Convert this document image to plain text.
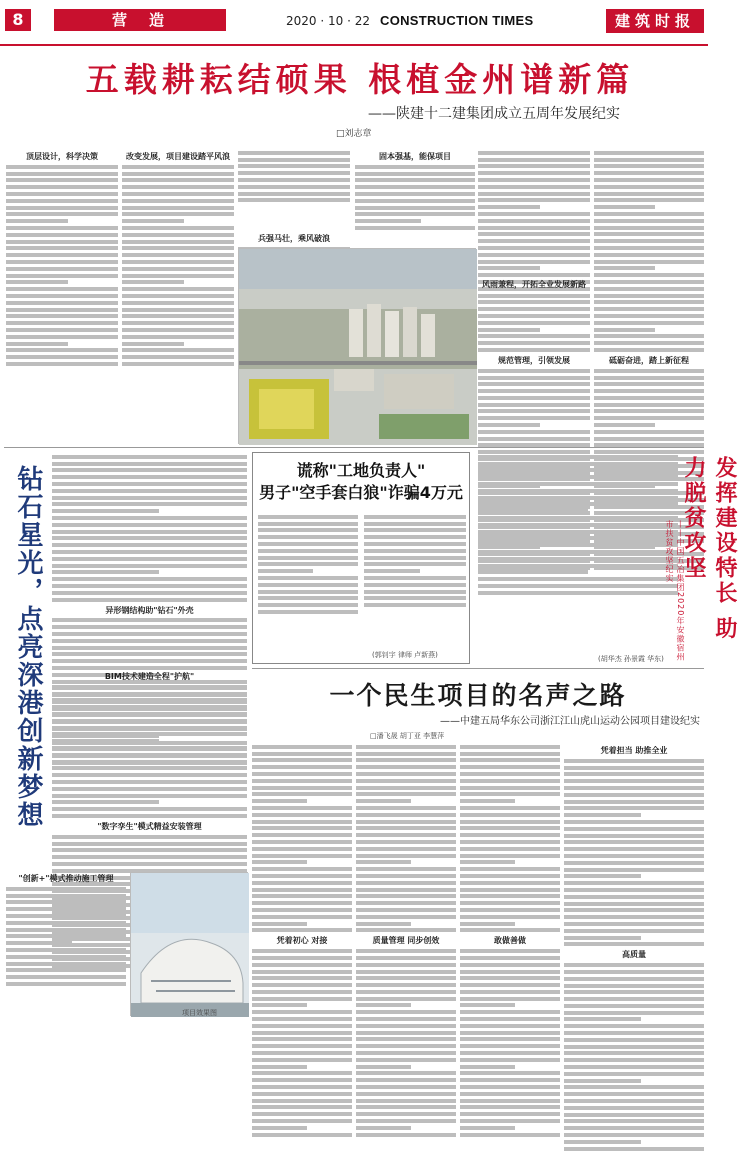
8	营造	2020 · 10 · 22 CONSTRUCTION TIMES	建筑时报
五载耕耘结硕果 根植金州谱新篇
——陕建十二建集团成立五周年发展纪实
□刘志章
顶层设计，科学决策	改变发展，项目建设踏平风浪
兵强马壮，乘风破浪
固本强基，能保项目
规范管理，引领发展	砥砺奋进，踏上新征程
风雨兼程，开拓全业发展新路
钻石星光，点亮深港创新梦想	异形钢结构助"钻石"外壳
BIM技术建造全程"护航"
"数字孪生"模式精益安装管理
"创新+"模式推动施工管理
项目效果图
谎称"工地负责人"
男子"空手套白狼"诈骗4万元
(郭钊宇 律师 卢新燕)	(胡华杰 孙景霞 华东)
发挥建设特长 助力脱贫攻坚
——中国五冶集团2020年安徽宿州市扶贫攻坚纪实
一个民生项目的名声之路
——中建五局华东公司浙江江山虎山运动公园项目建设纪实
□潘飞晟 胡丁亚 李慧萍
凭着初心 对接	质量管理 同步创效	敢做善做
凭着担当 助推全业
高质量
